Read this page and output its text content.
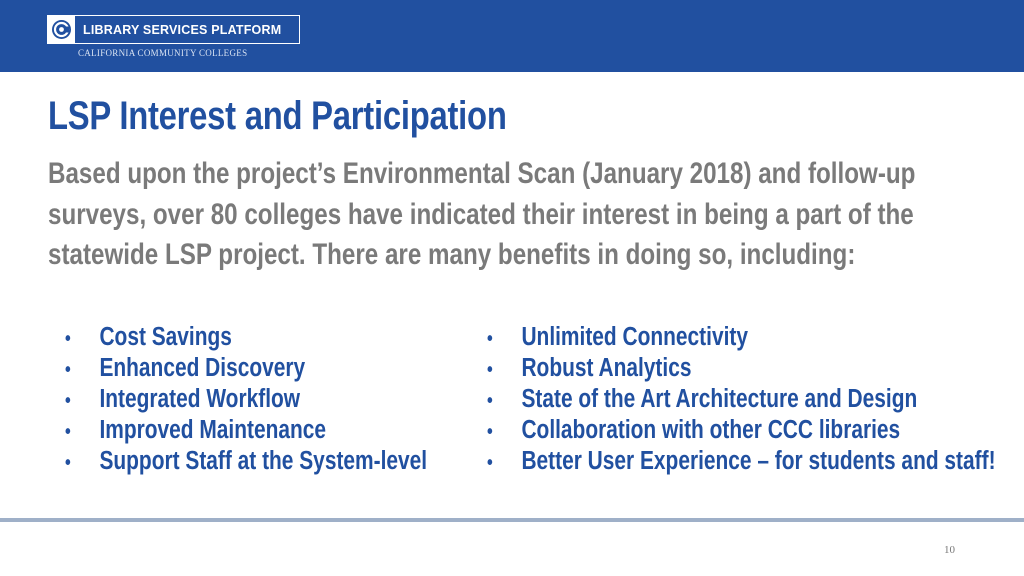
LIBRARY SERVICES PLATFORM
CALIFORNIA COMMUNITY COLLEGES
LSP Interest and Participation
Based upon the project’s Environmental Scan (January 2018) and follow-up surveys, over 80 colleges have indicated their interest in being a part of the statewide LSP project. There are many benefits in doing so, including:
•	Cost Savings
•	Enhanced Discovery
•	Integrated Workflow
•	Improved Maintenance
•	Support Staff at the System-level
•	Unlimited Connectivity
•	Robust Analytics
•	State of the Art Architecture and Design
•	Collaboration with other CCC libraries
•	Better User Experience – for students and staff!
10
